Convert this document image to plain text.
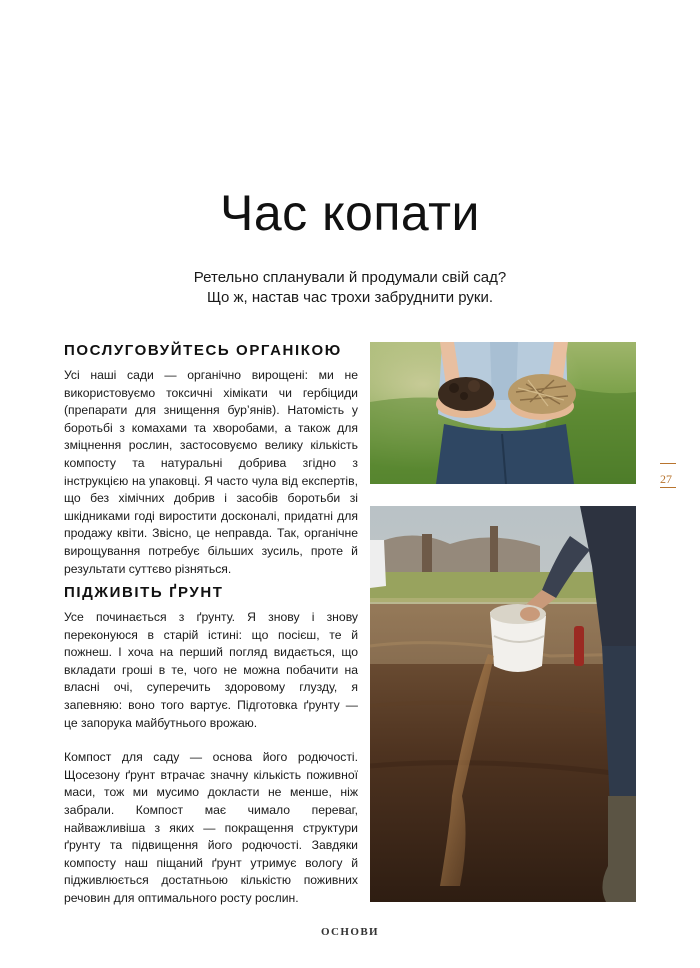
Час копати
Ретельно спланували й продумали свій сад?
Що ж, настав час трохи забруднити руки.
ПОСЛУГОВУЙТЕСЬ ОРГАНІКОЮ

Усі наші сади — органічно вирощені: ми не використовуємо токсичні хімікати чи гербіциди (препарати для знищення бур’янів). Натомість у боротьбі з комахами та хворобами, а також для зміцнення рослин, застосовуємо велику кількість компосту та натуральні добрива згідно з інструкцією на упаковці. Я часто чула від експертів, що без хімічних добрив і засобів боротьби зі шкідниками годі виростити досконалі, придатні для продажу квіти. Звісно, це неправда. Так, органічне вирощування потребує більших зусиль, проте й результати суттєво різняться.

ПІДЖИВІТЬ ҐРУНТ

Усе починається з ґрунту. Я знову і знову переконуюся в старій істині: що посієш, те й пожнеш. І хоча на перший погляд видається, що вкладати гроші в те, чого не можна побачити на власні очі, суперечить здоровому глузду, я запевняю: воно того вартує. Підготовка ґрунту — це запорука майбутнього врожаю.

Компост для саду — основа його родючості. Щосезону ґрунт втрачає значну кількість поживної маси, тож ми мусимо докласти не менше, ніж забрали. Компост має чимало переваг, найважливіша з яких — покращення структури ґрунту та підвищення його родючості. Завдяки компосту наш піщаний ґрунт утримує вологу й підживлюється достатньою кількістю поживних речовин для оптимального росту рослин.

27
ОСНОВИ
